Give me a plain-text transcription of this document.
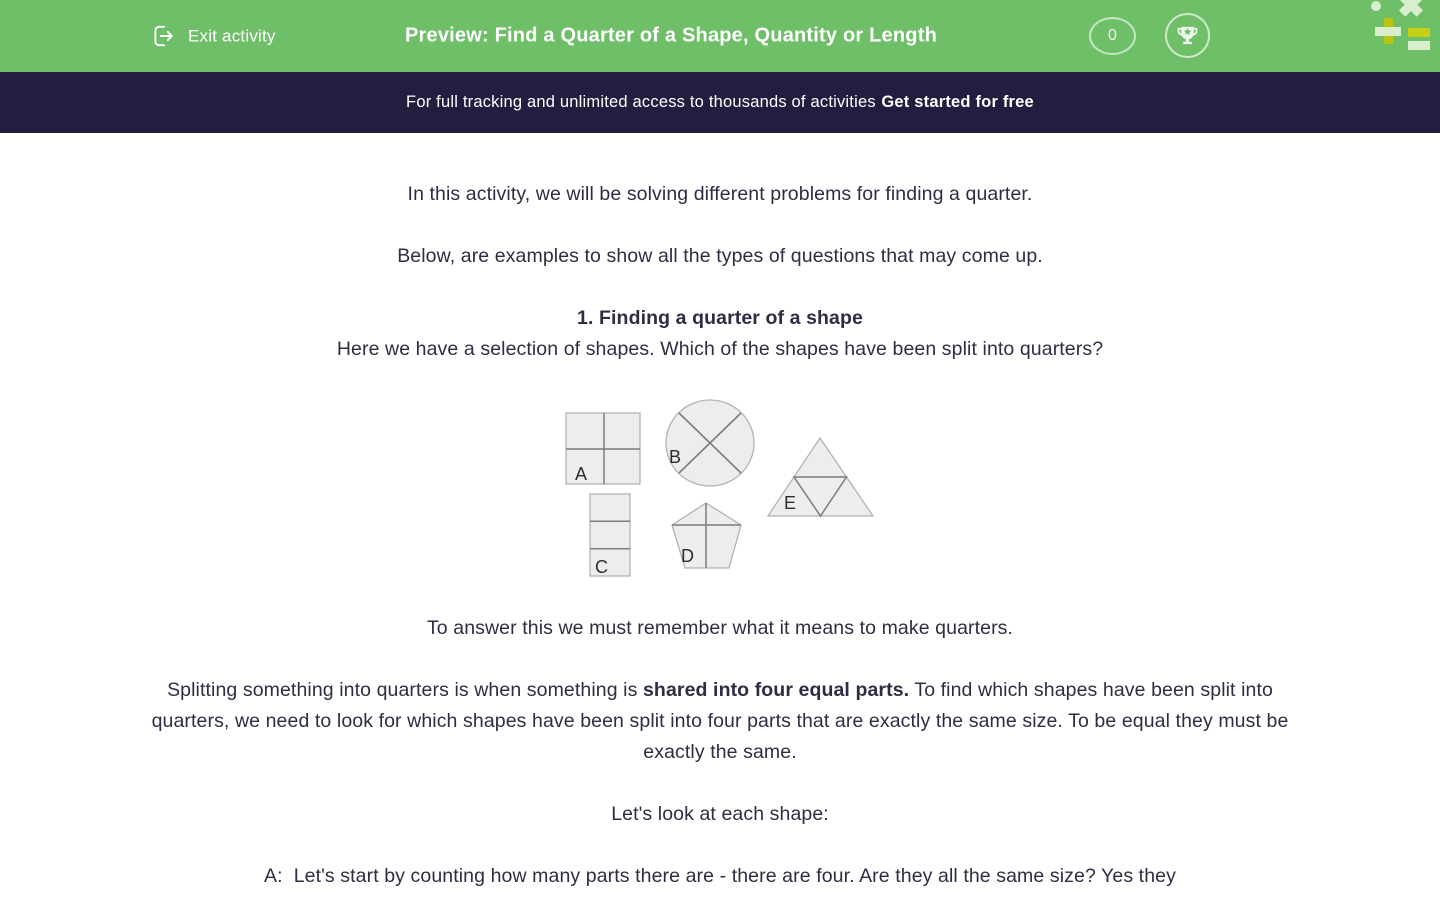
Exit activity	Preview: Find a Quarter of a Shape, Quantity or Length	0
For full tracking and unlimited access to thousands of activities Get started for free

In this activity, we will be solving different problems for finding a quarter.

Below, are examples to show all the types of questions that may come up.

1. Finding a quarter of a shape
Here we have a selection of shapes. Which of the shapes have been split into quarters?

A
B
C
D
E

To answer this we must remember what it means to make quarters.

Splitting something into quarters is when something is shared into four equal parts. To find which shapes have been split into quarters, we need to look for which shapes have been split into four parts that are exactly the same size. To be equal they must be exactly the same.

Let's look at each shape:

A:  Let's start by counting how many parts there are - there are four. Are they all the same size? Yes they
